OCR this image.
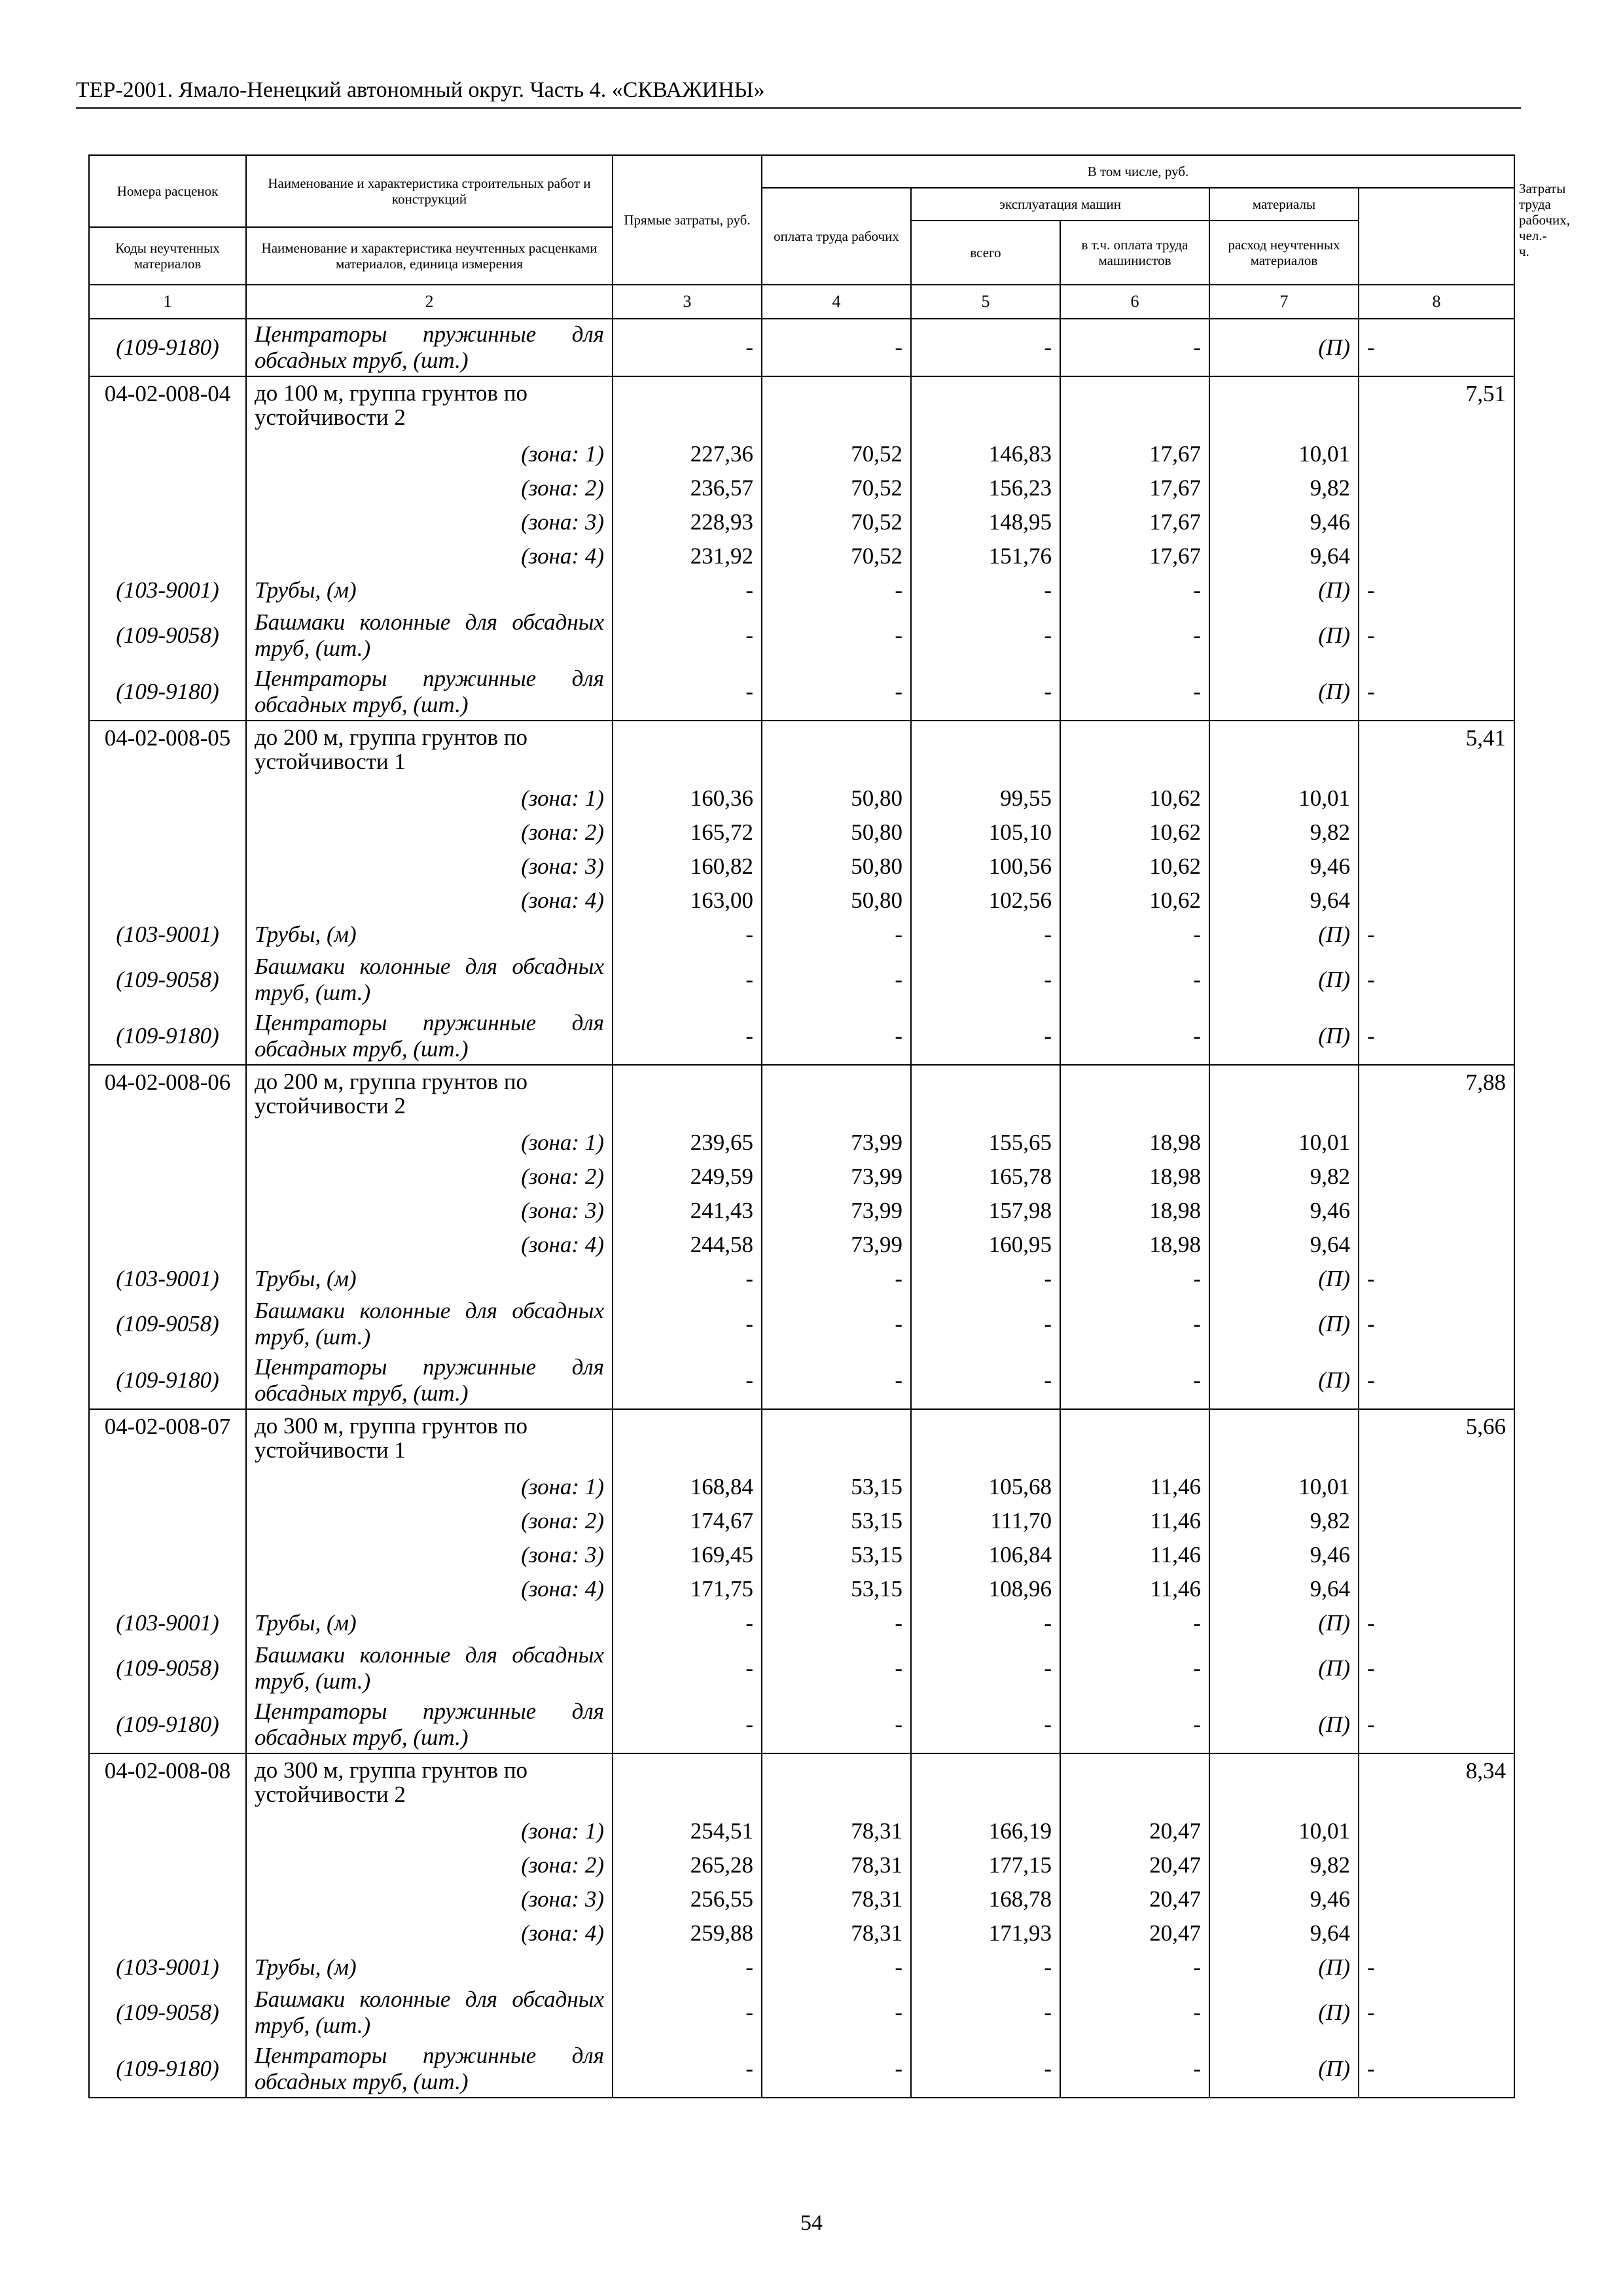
ТЕР-2001. Ямало-Ненецкий автономный округ. Часть 4. «СКВАЖИНЫ»
Номера расценок	Наименование и характеристика строительных работ и конструкций	Прямые затраты, руб.	В том числе, руб.					Затраты труда рабочих, чел.-ч.
			оплата труда рабочих	эксплуатация машин		материалы		
				всего	в т.ч. оплата труда машинистов	расход неучтенных материалов		
Коды неучтенных материалов	Наименование и характеристика неучтенных расценками материалов, единица измерения							
1	2	3	4	5	6	7	8	
(109-9180)	Центраторы пружинные для обсадных труб, (шт.)	-	-	-	-	(П)	-	
04-02-008-04	до 100 м, группа грунтов по устойчивости 2						7,51	
	(зона: 1)	227,36	70,52	146,83	17,67	10,01		
	(зона: 2)	236,57	70,52	156,23	17,67	9,82		
	(зона: 3)	228,93	70,52	148,95	17,67	9,46		
	(зона: 4)	231,92	70,52	151,76	17,67	9,64		
(103-9001)	Трубы, (м)	-	-	-	-	(П)	-	
(109-9058)	Башмаки колонные для обсадных труб, (шт.)	-	-	-	-	(П)	-	
(109-9180)	Центраторы пружинные для обсадных труб, (шт.)	-	-	-	-	(П)	-	
04-02-008-05	до 200 м, группа грунтов по устойчивости 1						5,41	
	(зона: 1)	160,36	50,80	99,55	10,62	10,01		
	(зона: 2)	165,72	50,80	105,10	10,62	9,82		
	(зона: 3)	160,82	50,80	100,56	10,62	9,46		
	(зона: 4)	163,00	50,80	102,56	10,62	9,64		
(103-9001)	Трубы, (м)	-	-	-	-	(П)	-	
(109-9058)	Башмаки колонные для обсадных труб, (шт.)	-	-	-	-	(П)	-	
(109-9180)	Центраторы пружинные для обсадных труб, (шт.)	-	-	-	-	(П)	-	
04-02-008-06	до 200 м, группа грунтов по устойчивости 2						7,88	
	(зона: 1)	239,65	73,99	155,65	18,98	10,01		
	(зона: 2)	249,59	73,99	165,78	18,98	9,82		
	(зона: 3)	241,43	73,99	157,98	18,98	9,46		
	(зона: 4)	244,58	73,99	160,95	18,98	9,64		
(103-9001)	Трубы, (м)	-	-	-	-	(П)	-	
(109-9058)	Башмаки колонные для обсадных труб, (шт.)	-	-	-	-	(П)	-	
(109-9180)	Центраторы пружинные для обсадных труб, (шт.)	-	-	-	-	(П)	-	
04-02-008-07	до 300 м, группа грунтов по устойчивости 1						5,66	
	(зона: 1)	168,84	53,15	105,68	11,46	10,01		
	(зона: 2)	174,67	53,15	111,70	11,46	9,82		
	(зона: 3)	169,45	53,15	106,84	11,46	9,46		
	(зона: 4)	171,75	53,15	108,96	11,46	9,64		
(103-9001)	Трубы, (м)	-	-	-	-	(П)	-	
(109-9058)	Башмаки колонные для обсадных труб, (шт.)	-	-	-	-	(П)	-	
(109-9180)	Центраторы пружинные для обсадных труб, (шт.)	-	-	-	-	(П)	-	
04-02-008-08	до 300 м, группа грунтов по устойчивости 2						8,34	
	(зона: 1)	254,51	78,31	166,19	20,47	10,01		
	(зона: 2)	265,28	78,31	177,15	20,47	9,82		
	(зона: 3)	256,55	78,31	168,78	20,47	9,46		
	(зона: 4)	259,88	78,31	171,93	20,47	9,64		
(103-9001)	Трубы, (м)	-	-	-	-	(П)	-	
(109-9058)	Башмаки колонные для обсадных труб, (шт.)	-	-	-	-	(П)	-	
(109-9180)	Центраторы пружинные для обсадных труб, (шт.)	-	-	-	-	(П)	-	
54
